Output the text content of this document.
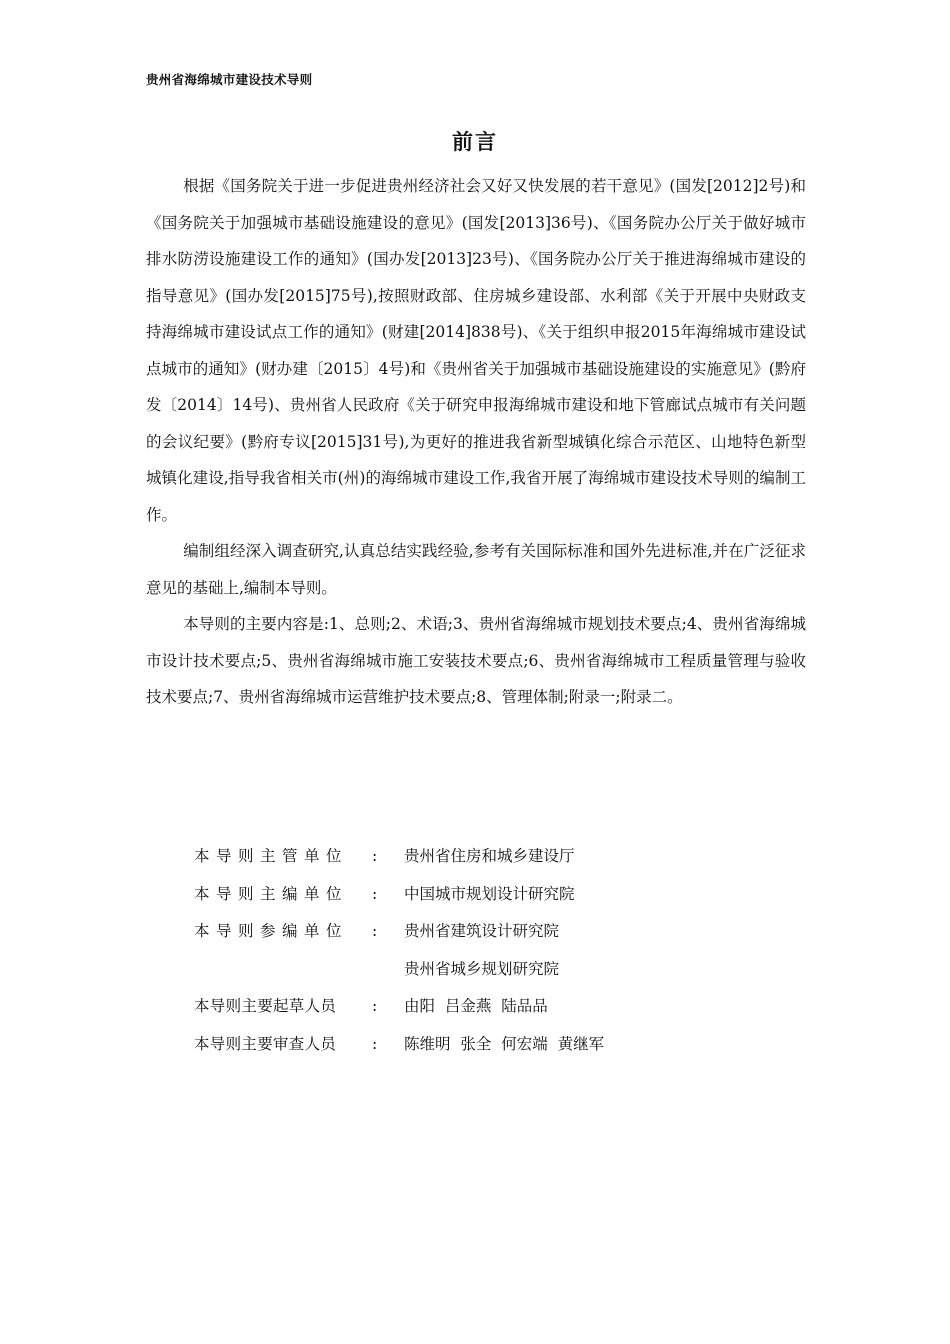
贵州省海绵城市建设技术导则
前言

根据《国务院关于进一步促进贵州经济社会又好又快发展的若干意见》(国发[2012]2号)和《国务院关于加强城市基础设施建设的意见》(国发[2013]36号)、《国务院办公厅关于做好城市排水防涝设施建设工作的通知》(国办发[2013]23号)、《国务院办公厅关于推进海绵城市建设的指导意见》(国办发[2015]75号),按照财政部、住房城乡建设部、水利部《关于开展中央财政支持海绵城市建设试点工作的通知》(财建[2014]838号)、《关于组织申报2015年海绵城市建设试点城市的通知》(财办建〔2015〕4号)和《贵州省关于加强城市基础设施建设的实施意见》(黔府发〔2014〕14号)、贵州省人民政府《关于研究申报海绵城市建设和地下管廊试点城市有关问题的会议纪要》(黔府专议[2015]31号),为更好的推进我省新型城镇化综合示范区、山地特色新型城镇化建设,指导我省相关市(州)的海绵城市建设工作,我省开展了海绵城市建设技术导则的编制工作。

编制组经深入调查研究,认真总结实践经验,参考有关国际标准和国外先进标准,并在广泛征求意见的基础上,编制本导则。

本导则的主要内容是:1、总则;2、术语;3、贵州省海绵城市规划技术要点;4、贵州省海绵城市设计技术要点;5、贵州省海绵城市施工安装技术要点;6、贵州省海绵城市工程质量管理与验收技术要点;7、贵州省海绵城市运营维护技术要点;8、管理体制;附录一;附录二。

本导则主管单位	:	贵州省住房和城乡建设厅
本导则主编单位	:	中国城市规划设计研究院
本导则参编单位	:	贵州省建筑设计研究院
贵州省城乡规划研究院
本导则主要起草人员	:	由阳  吕金燕  陆品品
本导则主要审查人员	:	陈维明  张全  何宏端  黄继军
